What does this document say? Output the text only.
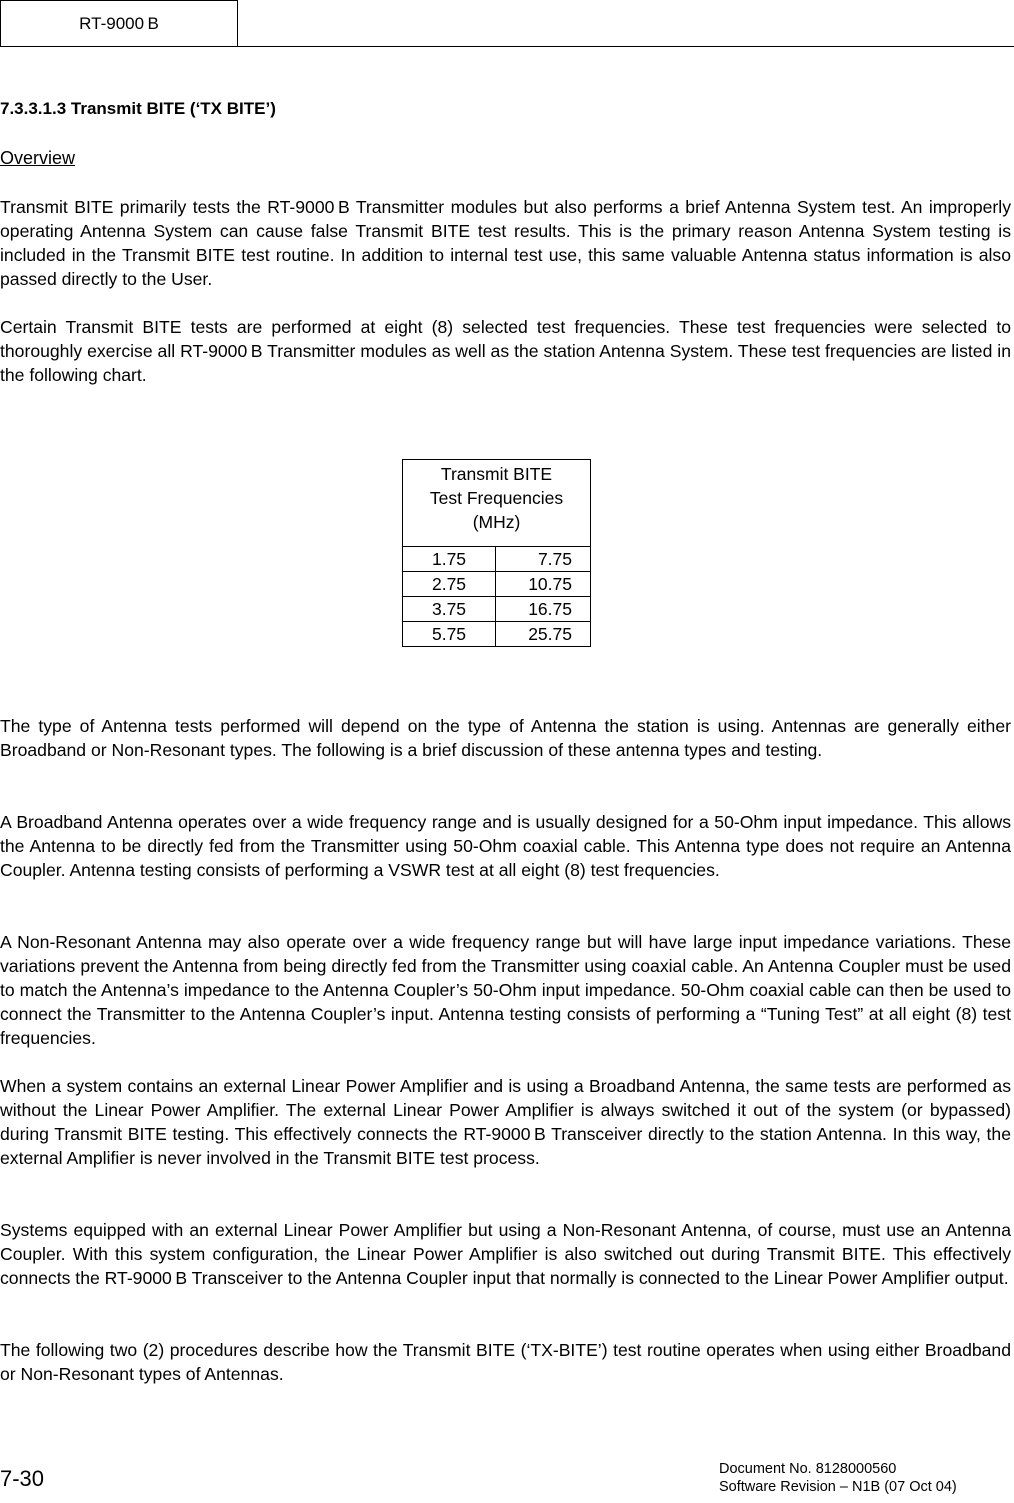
RT-9000 B
7.3.3.1.3 Transmit BITE (‘TX BITE’)
Overview

Transmit BITE primarily tests the RT-9000 B Transmitter modules but also performs a brief Antenna System test. An improperly operating Antenna System can cause false Transmit BITE test results. This is the primary reason Antenna System testing is included in the Transmit BITE test routine. In addition to internal test use, this same valuable Antenna status information is also passed directly to the User.

Certain Transmit BITE tests are performed at eight (8) selected test frequencies. These test frequencies were selected to thoroughly exercise all RT-9000 B Transmitter modules as well as the station Antenna System. These test frequencies are listed in the following chart.

Transmit BITE
Test Frequencies
(MHz)	

1.75	7.75
2.75	10.75
3.75	16.75
5.75	25.75

The type of Antenna tests performed will depend on the type of Antenna the station is using. Antennas are generally either Broadband or Non-Resonant types. The following is a brief discussion of these antenna types and testing.

A Broadband Antenna operates over a wide frequency range and is usually designed for a 50-Ohm input impedance. This allows the Antenna to be directly fed from the Transmitter using 50-Ohm coaxial cable. This Antenna type does not require an Antenna Coupler. Antenna testing consists of performing a VSWR test at all eight (8) test frequencies.

A Non-Resonant Antenna may also operate over a wide frequency range but will have large input impedance variations. These variations prevent the Antenna from being directly fed from the Transmitter using coaxial cable. An Antenna Coupler must be used to match the Antenna’s impedance to the Antenna Coupler’s 50-Ohm input impedance. 50-Ohm coaxial cable can then be used to connect the Transmitter to the Antenna Coupler’s input. Antenna testing consists of performing a “Tuning Test” at all eight (8) test frequencies.

When a system contains an external Linear Power Amplifier and is using a Broadband Antenna, the same tests are performed as without the Linear Power Amplifier. The external Linear Power Amplifier is always switched it out of the system (or bypassed) during Transmit BITE testing. This effectively connects the RT-9000 B Transceiver directly to the station Antenna. In this way, the external Amplifier is never involved in the Transmit BITE test process.

Systems equipped with an external Linear Power Amplifier but using a Non-Resonant Antenna, of course, must use an Antenna Coupler. With this system configuration, the Linear Power Amplifier is also switched out during Transmit BITE. This effectively connects the RT-9000 B Transceiver to the Antenna Coupler input that normally is connected to the Linear Power Amplifier output.

The following two (2) procedures describe how the Transmit BITE (‘TX-BITE’) test routine operates when using either Broadband or Non-Resonant types of Antennas.

7-30	Document No. 8128000560
Software Revision – N1B (07 Oct 04)
